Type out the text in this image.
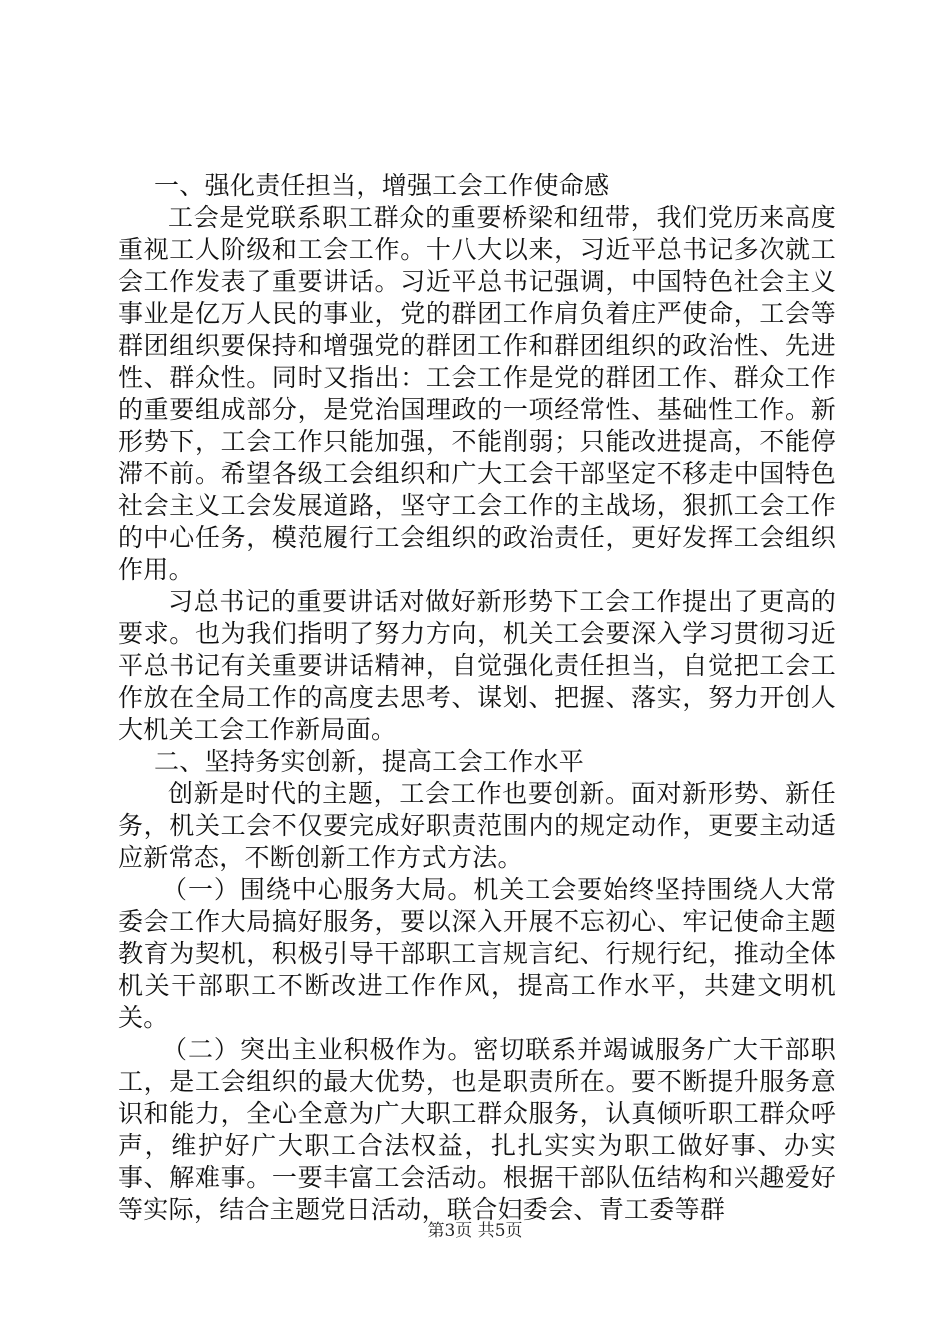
一、强化责任担当，增强工会工作使命感

工会是党联系职工群众的重要桥梁和纽带，我们党历来高度重视工人阶级和工会工作。十八大以来，习近平总书记多次就工会工作发表了重要讲话。习近平总书记强调，中国特色社会主义事业是亿万人民的事业，党的群团工作肩负着庄严使命，工会等群团组织要保持和增强党的群团工作和群团组织的政治性、先进性、群众性。同时又指出：工会工作是党的群团工作、群众工作的重要组成部分，是党治国理政的一项经常性、基础性工作。新形势下，工会工作只能加强，不能削弱；只能改进提高，不能停滞不前。希望各级工会组织和广大工会干部坚定不移走中国特色社会主义工会发展道路，坚守工会工作的主战场，狠抓工会工作的中心任务，模范履行工会组织的政治责任，更好发挥工会组织作用。

习总书记的重要讲话对做好新形势下工会工作提出了更高的要求。也为我们指明了努力方向，机关工会要深入学习贯彻习近平总书记有关重要讲话精神，自觉强化责任担当，自觉把工会工作放在全局工作的高度去思考、谋划、把握、落实，努力开创人大机关工会工作新局面。

二、坚持务实创新，提高工会工作水平

创新是时代的主题，工会工作也要创新。面对新形势、新任务，机关工会不仅要完成好职责范围内的规定动作，更要主动适应新常态，不断创新工作方式方法。

（一）围绕中心服务大局。机关工会要始终坚持围绕人大常委会工作大局搞好服务，要以深入开展不忘初心、牢记使命主题教育为契机，积极引导干部职工言规言纪、行规行纪，推动全体机关干部职工不断改进工作作风，提高工作水平，共建文明机关。

（二）突出主业积极作为。密切联系并竭诚服务广大干部职工，是工会组织的最大优势，也是职责所在。要不断提升服务意识和能力，全心全意为广大职工群众服务，认真倾听职工群众呼声，维护好广大职工合法权益，扎扎实实为职工做好事、办实事、解难事。一要丰富工会活动。根据干部队伍结构和兴趣爱好等实际，结合主题党日活动，联合妇委会、青工委等群

第3页 共5页
